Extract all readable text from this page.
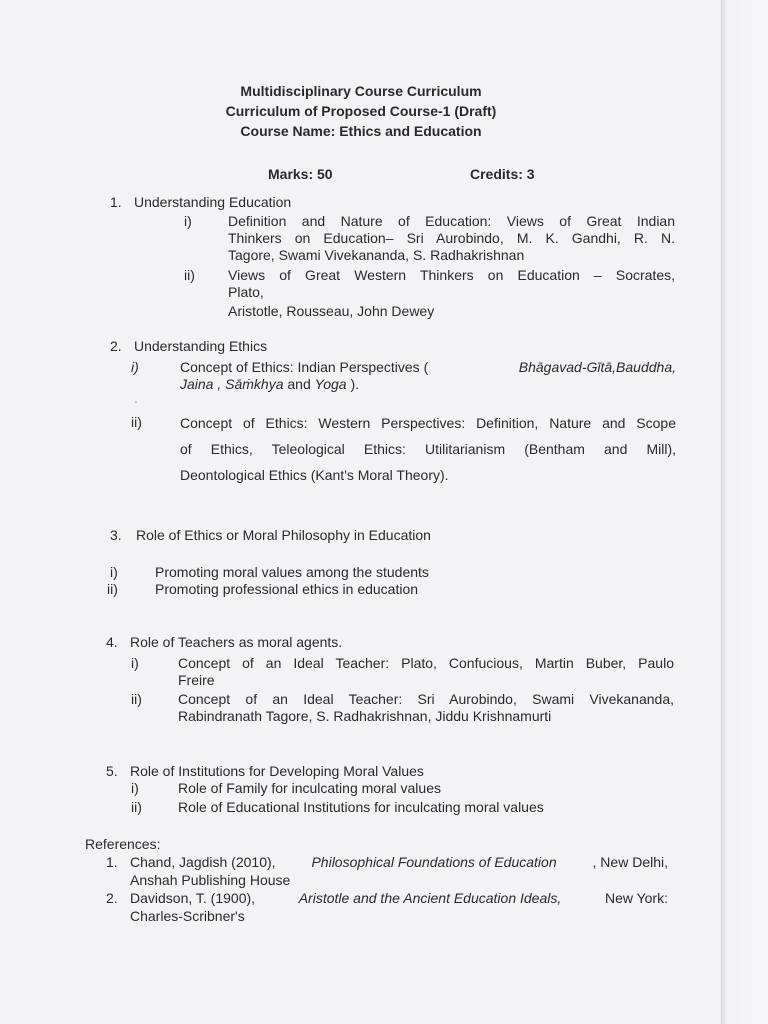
Multidisciplinary Course Curriculum
Curriculum of Proposed Course-1 (Draft)
Course Name: Ethics and Education
Marks: 50	Credits: 3
1. Understanding Education
i)	Definition and Nature of Education: Views of Great Indian
Thinkers on Education– Sri Aurobindo, M. K. Gandhi, R. N.
Tagore, Swami Vivekananda, S. Radhakrishnan
ii) Views of Great Western Thinkers on Education – Socrates,
Plato,
Aristotle, Rousseau, John Dewey
2. Understanding Ethics
i)	Concept of Ethics: Indian Perspectives (	Bhāgavad-Gītā,Bauddha,
Jaina , Sāṁkhya and Yoga ).
.
ii)	Concept of Ethics: Western Perspectives: Definition, Nature and Scope
of Ethics, Teleological Ethics: Utilitarianism (Bentham and Mill),
Deontological Ethics (Kant's Moral Theory).
3. Role of Ethics or Moral Philosophy in Education
i)	Promoting moral values among the students
ii)	Promoting professional ethics in education
4. Role of Teachers as moral agents.
i)	Concept of an Ideal Teacher: Plato, Confucious, Martin Buber, Paulo
Freire
ii)	Concept of an Ideal Teacher: Sri Aurobindo, Swami Vivekananda,
Rabindranath Tagore, S. Radhakrishnan, Jiddu Krishnamurti
5. Role of Institutions for Developing Moral Values
i)	Role of Family for inculcating moral values
ii)	Role of Educational Institutions for inculcating moral values
References:
1. Chand, Jagdish (2010),	Philosophical Foundations of Education	, New Delhi,
Anshah Publishing House
2. Davidson, T. (1900),	Aristotle and the Ancient Education Ideals,	New York:
Charles-Scribner's
